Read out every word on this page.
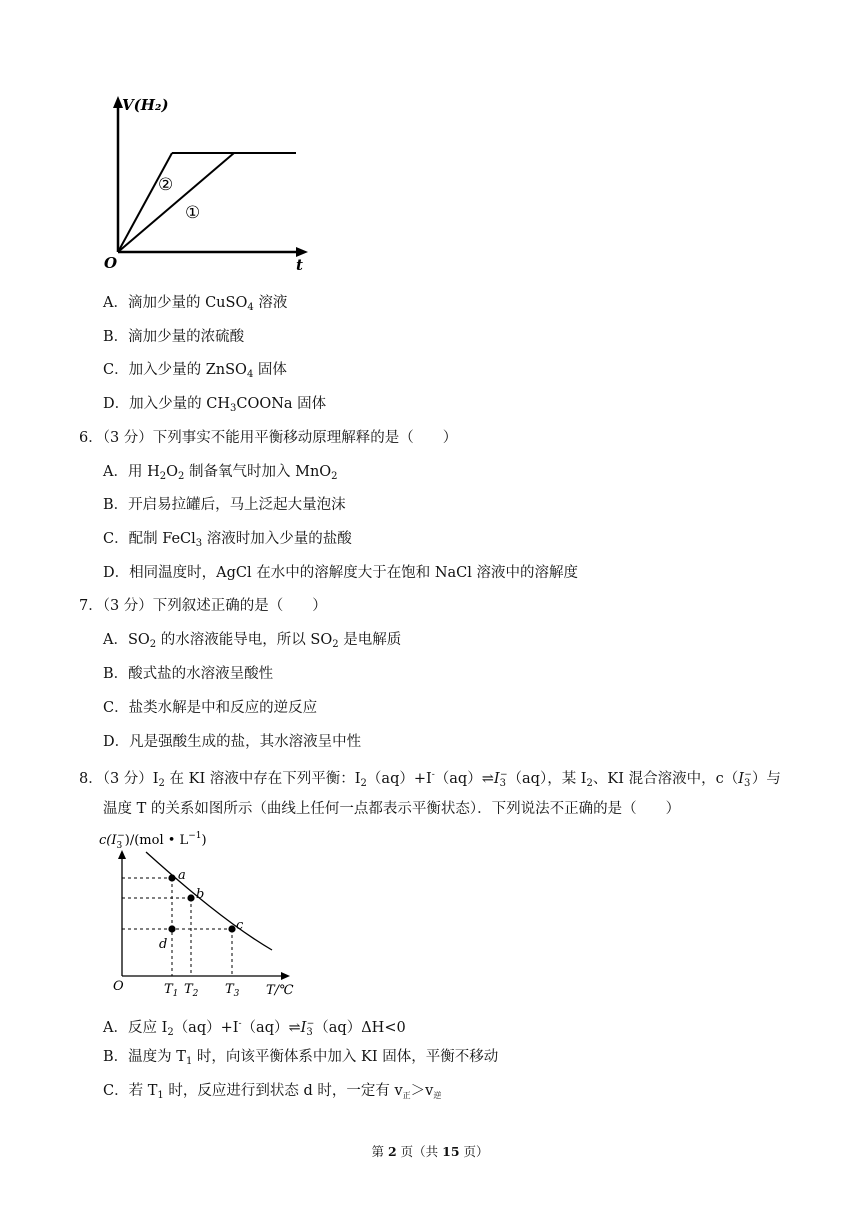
V(H₂)
t
O
②
①
A．滴加少量的 CuSO$_4$ 溶液
B．滴加少量的浓硫酸
C．加入少量的 ZnSO$_4$ 固体
D．加入少量的 $CH_3COONa$ 固体
6．（3 分）下列事实不能用平衡移动原理解释的是（　　）
A．用 $H_2O_2$ 制备氧气时加入 MnO$_2$
B．开启易拉罐后，马上泛起大量泡沫
C．配制 FeCl$_3$ 溶液时加入少量的盐酸
D．相同温度时，AgCl 在水中的溶解度大于在饱和 NaCl 溶液中的溶解度
7．（3 分）下列叙述正确的是（　　）
A．$SO_2$ 的水溶液能导电，所以 $SO_2$ 是电解质
B．酸式盐的水溶液呈酸性
C．盐类水解是中和反应的逆反应
D．凡是强酸生成的盐，其水溶液呈中性
8．（3 分）$I_2$ 在 KI 溶液中存在下列平衡：$I_2(aq)+I^-(aq)\rightleftharpoons I_3^-(aq)$，某 $I_2$、KI 混合溶液中，$c(I_3^-)$与
温度 T 的关系如图所示（曲线上任何一点都表示平衡状态）．下列说法不正确的是（　　）
$c(I_3-)/(mol$ • $L^{-1}$)
a
b
c
d
O	$T_1$ $T_2$ $T_3$ T/℃
A．反应 $I_2(aq)+I^-(aq)\rightleftharpoons I_3^-(aq)\Delta H<0$
B．温度为 $T_1$ 时，向该平衡体系中加入 KI 固体，平衡不移动
C．若 $T_1$ 时，反应进行到状态 d 时，一定有 $v_正>v_逆$
第 2 页（共 15 页）
